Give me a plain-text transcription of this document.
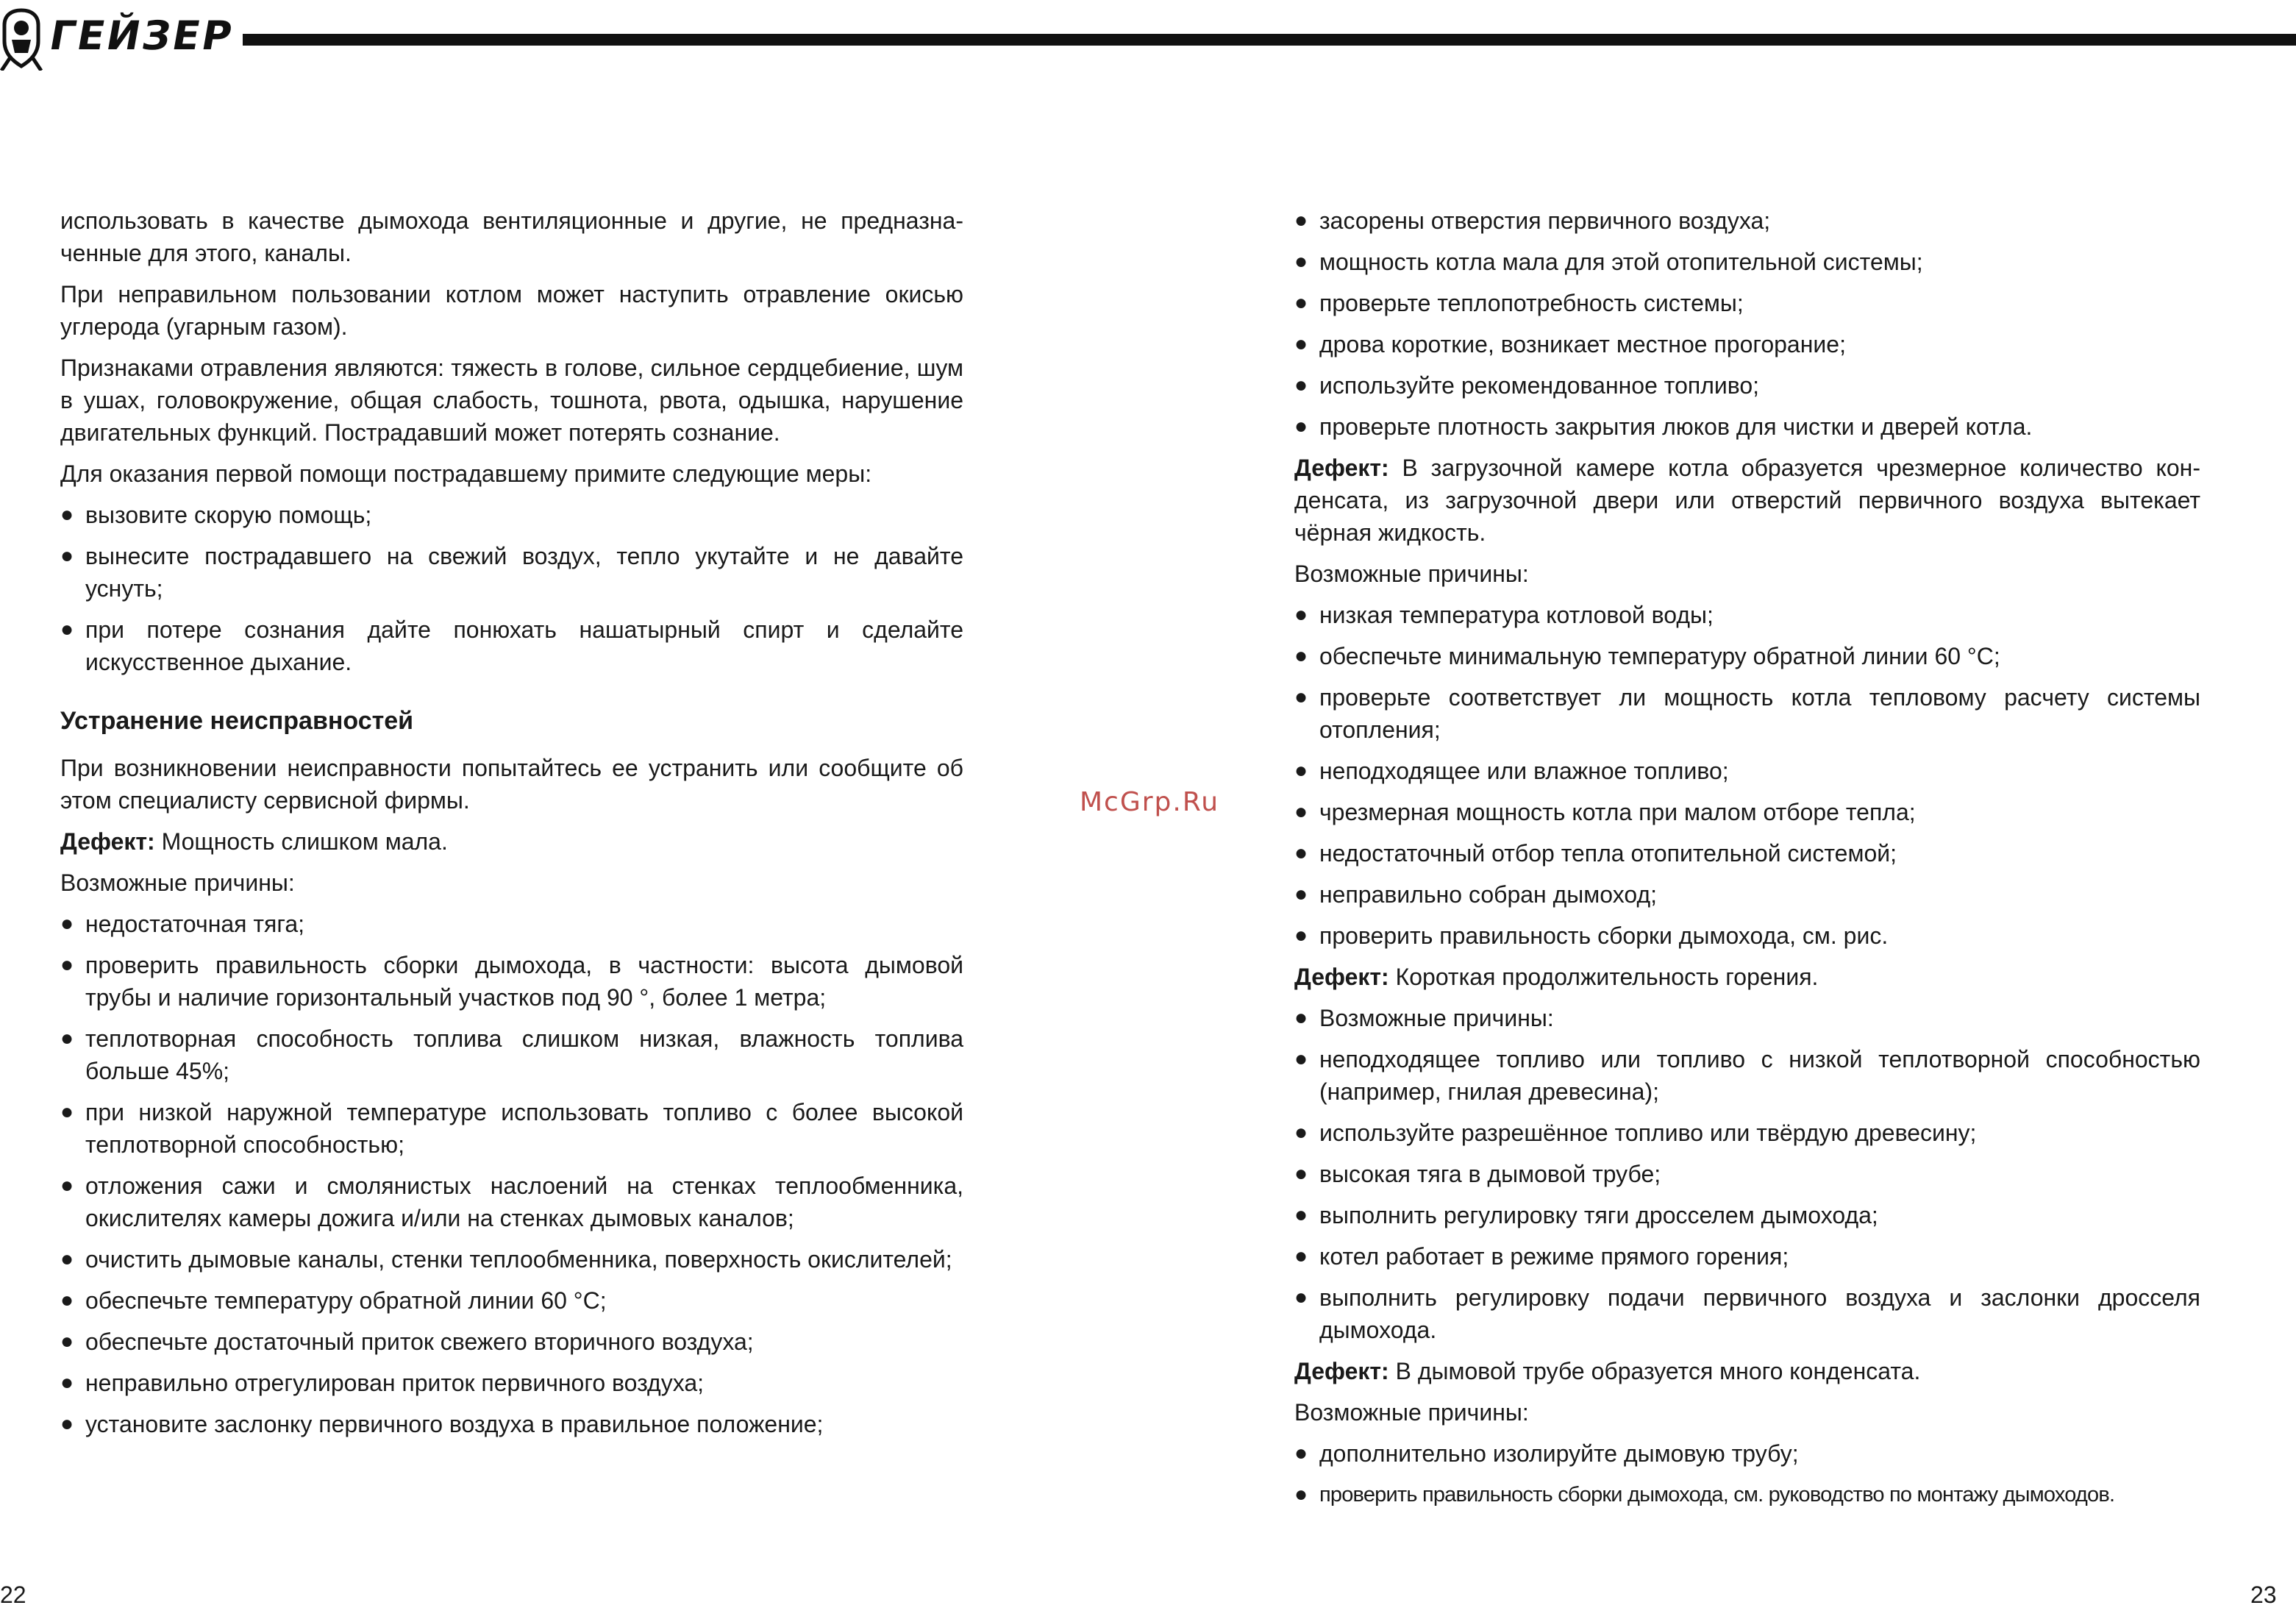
ГЕЙЗЕР

использовать в качестве дымохода вентиляционные и другие, не предназначенные для этого, каналы.

При неправильном пользовании котлом может наступить отравление окисью углерода (угарным газом).

Признаками отравления являются: тяжесть в голове, сильное сердцебиение, шум в ушах, головокружение, общая слабость, тошнота, рвота, одышка, нарушение двигательных функций. Пострадавший может потерять сознание.

Для оказания первой помощи пострадавшему примите следующие меры:

● вызовите скорую помощь;
● вынесите пострадавшего на свежий воздух, тепло укутайте и не давайте уснуть;
● при потере сознания дайте понюхать нашатырный спирт и сделайте искусственное дыхание.
Устранение неисправностей

При возникновении неисправности попытайтесь ее устранить или сообщите об этом специалисту сервисной фирмы.

Дефект: Мощность слишком мала.

Возможные причины:

● недостаточная тяга;
● проверить правильность сборки дымохода, в частности: высота дымовой трубы и наличие горизонтальный участков под 90 °, более 1 метра;
● теплотворная способность топлива слишком низкая, влажность топлива больше 45%;
● при низкой наружной температуре использовать топливо с более высокой теплотворной способностью;
● отложения сажи и смолянистых наслоений на стенках теплообменника, окислителях камеры дожига и/или на стенках дымовых каналов;
● очистить дымовые каналы, стенки теплообменника, поверхность окислителей;
● обеспечьте температуру обратной линии 60 °С;
● обеспечьте достаточный приток свежего вторичного воздуха;
● неправильно отрегулирован приток первичного воздуха;
● установите заслонку первичного воздуха в правильное положение;
McGrp.Ru
● засорены отверстия первичного воздуха;
● мощность котла мала для этой отопительной системы;
● проверьте теплопотребность системы;
● дрова короткие, возникает местное прогорание;
● используйте рекомендованное топливо;
● проверьте плотность закрытия люков для чистки и дверей котла.

Дефект: В загрузочной камере котла образуется чрезмерное количество конденсата, из загрузочной двери или отверстий первичного воздуха вытекает чёрная жидкость.

Возможные причины:

● низкая температура котловой воды;
● обеспечьте минимальную температуру обратной линии 60 °С;
● проверьте соответствует ли мощность котла тепловому расчету системы отопления;
● неподходящее или влажное топливо;
● чрезмерная мощность котла при малом отборе тепла;
● недостаточный отбор тепла отопительной системой;
● неправильно собран дымоход;
● проверить правильность сборки дымохода, см. рис.

Дефект: Короткая продолжительность горения.

● Возможные причины:
● неподходящее топливо или топливо с низкой теплотворной способностью (например, гнилая древесина);
● используйте разрешённое топливо или твёрдую древесину;
● высокая тяга в дымовой трубе;
● выполнить регулировку тяги дросселем дымохода;
● котел работает в режиме прямого горения;
● выполнить регулировку подачи первичного воздуха и заслонки дросселя дымохода.

Дефект: В дымовой трубе образуется много конденсата.

Возможные причины:

● дополнительно изолируйте дымовую трубу;
● проверить правильность сборки дымохода, см. руководство по монтажу дымоходов.
22	23
